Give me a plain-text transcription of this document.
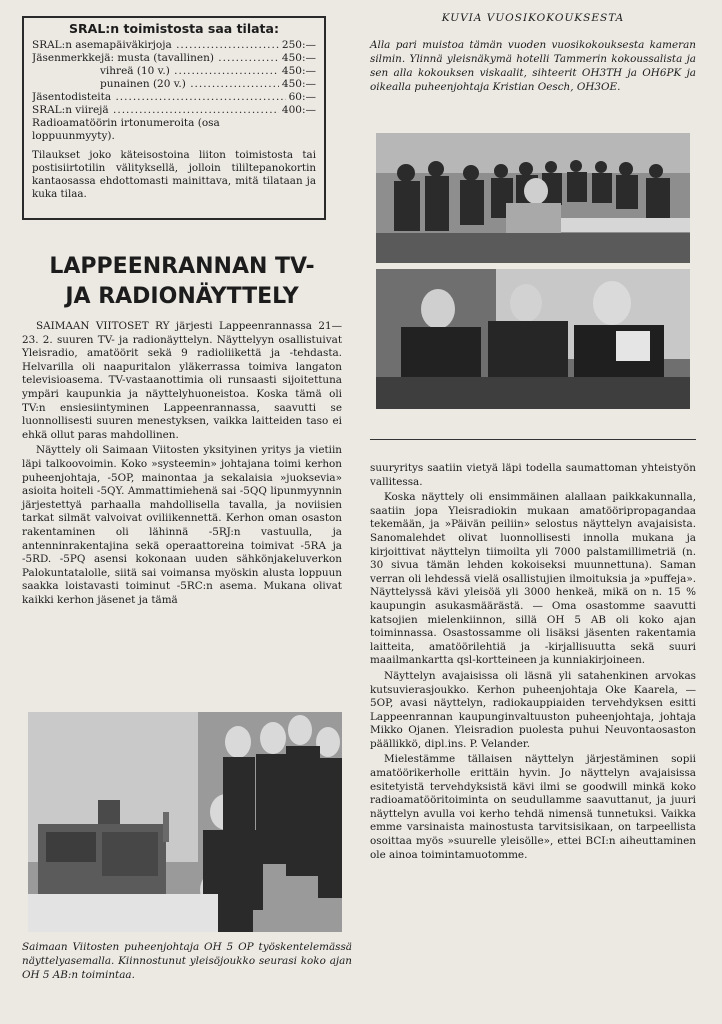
SRAL:n toimistosta saa tilata:
SRAL:n asemapäiväkirjoja .....	250:—
Jäsenmerkkejä: musta (tavallinen) .....	450:—
vihreä (10 v.) .....	450:—
punainen (20 v.) .....	450:—
Jäsentodisteita .....	60:—
SRAL:n viirejä .....	400:—
Radioamatöörin irtonumeroita (osa loppuunmyyty).

Tilaukset joko käteisostoina liiton toimistosta tai postisiirtotilin välityksellä, jolloin tililtepanokortin kantaosassa ehdottomasti mainittava, mitä tilataan ja kuka tilaa.

LAPPEENRANNAN TV-
JA RADIONÄYTTELY

SAIMAAN VIITOSET RY järjesti Lappeenrannassa 21—23. 2. suuren TV- ja radionäyttelyn. Näyttelyyn osallistuivat Yleisradio, amatöörit sekä 9 radioliikettä ja -tehdasta. Helvarilla oli naapuritalon yläkerrassa toimiva langaton televisioasema. TV-vastaanottimia oli runsaasti sijoitettuna ympäri kaupunkia ja näyttelyhuoneistoa. Koska tämä oli TV:n ensiesiintyminen Lappeenrannassa, saavutti se luonnollisesti suuren menestyksen, vaikka laitteiden taso ei ehkä ollut paras mahdollinen.

Näyttely oli Saimaan Viitosten yksityinen yritys ja vietiin läpi talkoovoimin. Koko »systeemin» johtajana toimi kerhon puheenjohtaja, -5OP, mainontaa ja sekalaisia »juoksevia» asioita hoiteli -5QY. Ammattimiehenä sai -5QQ lipunmyynnin järjestettyä parhaalla mahdollisella tavalla, ja noviisien tarkat silmät valvoivat oviliikennettä. Kerhon oman osaston rakentaminen oli lähinnä -5RJ:n vastuulla, ja antenninrakentajina sekä operaattoreina toimivat -5RA ja -5RD. -5PQ asensi kokonaan uuden sähkönjakeluverkon Palokuntatalolle, siitä sai voimansa myöskin alusta loppuun saakka loistavasti toiminut -5RC:n asema. Mukana olivat kaikki kerhon jäsenet ja tämä

KUVIA VUOSIKOKOUKSESTA
Alla pari muistoa tämän vuoden vuosikokouksesta kameran silmin. Ylinnä yleisnäkymä hotelli Tammerin kokoussalista ja sen alla kokouksen viskaalit, sihteerit OH3TH ja OH6PK ja oikealla puheenjohtaja Kristian Oesch, OH3OE.

suuryritys saatiin vietyä läpi todella saumattoman yhteistyön vallitessa.

Koska näyttely oli ensimmäinen alallaan paikkakunnalla, saatiin jopa Yleisradiokin mukaan amatööripropagandaa tekemään, ja »Päivän peiliin» selostus näyttelyn avajaisista. Sanomalehdet olivat luonnollisesti innolla mukana ja kirjoittivat näyttelyn tiimoilta yli 7000 palstamillimetriä (n. 30 sivua tämän lehden kokoiseksi muunnettuna). Saman verran oli lehdessä vielä osallistujien ilmoituksia ja »puffeja». Näyttelyssä kävi yleisöä yli 3000 henkeä, mikä on n. 15 % kaupungin asukasmäärästä. — Oma osastomme saavutti katsojien mielenkiinnon, sillä OH 5 AB oli koko ajan toiminnassa. Osastossamme oli lisäksi jäsenten rakentamia laitteita, amatöörilehtiä ja -kirjallisuutta sekä suuri maailmankartta qsl-kortteineen ja kunniakirjoineen.

Näyttelyn avajaisissa oli läsnä yli satahenkinen arvokas kutsuvierasjoukko. Kerhon puheenjohtaja Oke Kaarela, — 5OP, avasi näyttelyn, radiokauppiaiden tervehdyksen esitti Lappeenrannan kaupunginvaltuuston puheenjohtaja, johtaja Mikko Ojanen. Yleisradion puolesta puhui Neuvontaosaston päällikkö, dipl.ins. P. Velander.

Mielestämme tällaisen näyttelyn järjestäminen sopii amatöörikerholle erittäin hyvin. Jo näyttelyn avajaisissa esitetyistä tervehdyksistä kävi ilmi se goodwill minkä koko radioamatööritoiminta on seudullamme saavuttanut, ja juuri näyttelyn avulla voi kerho tehdä nimensä tunnetuksi. Vaikka emme varsinaista mainostusta tarvitsisikaan, on tarpeellista osoittaa myös »suurelle yleisölle», ettei BCI:n aiheuttaminen ole ainoa toimintamuotomme.

Saimaan Viitosten puheenjohtaja OH 5 OP työskentelemässä näyttelyasemalla. Kiinnostunut yleisöjoukko seurasi koko ajan OH 5 AB:n toimintaa.
